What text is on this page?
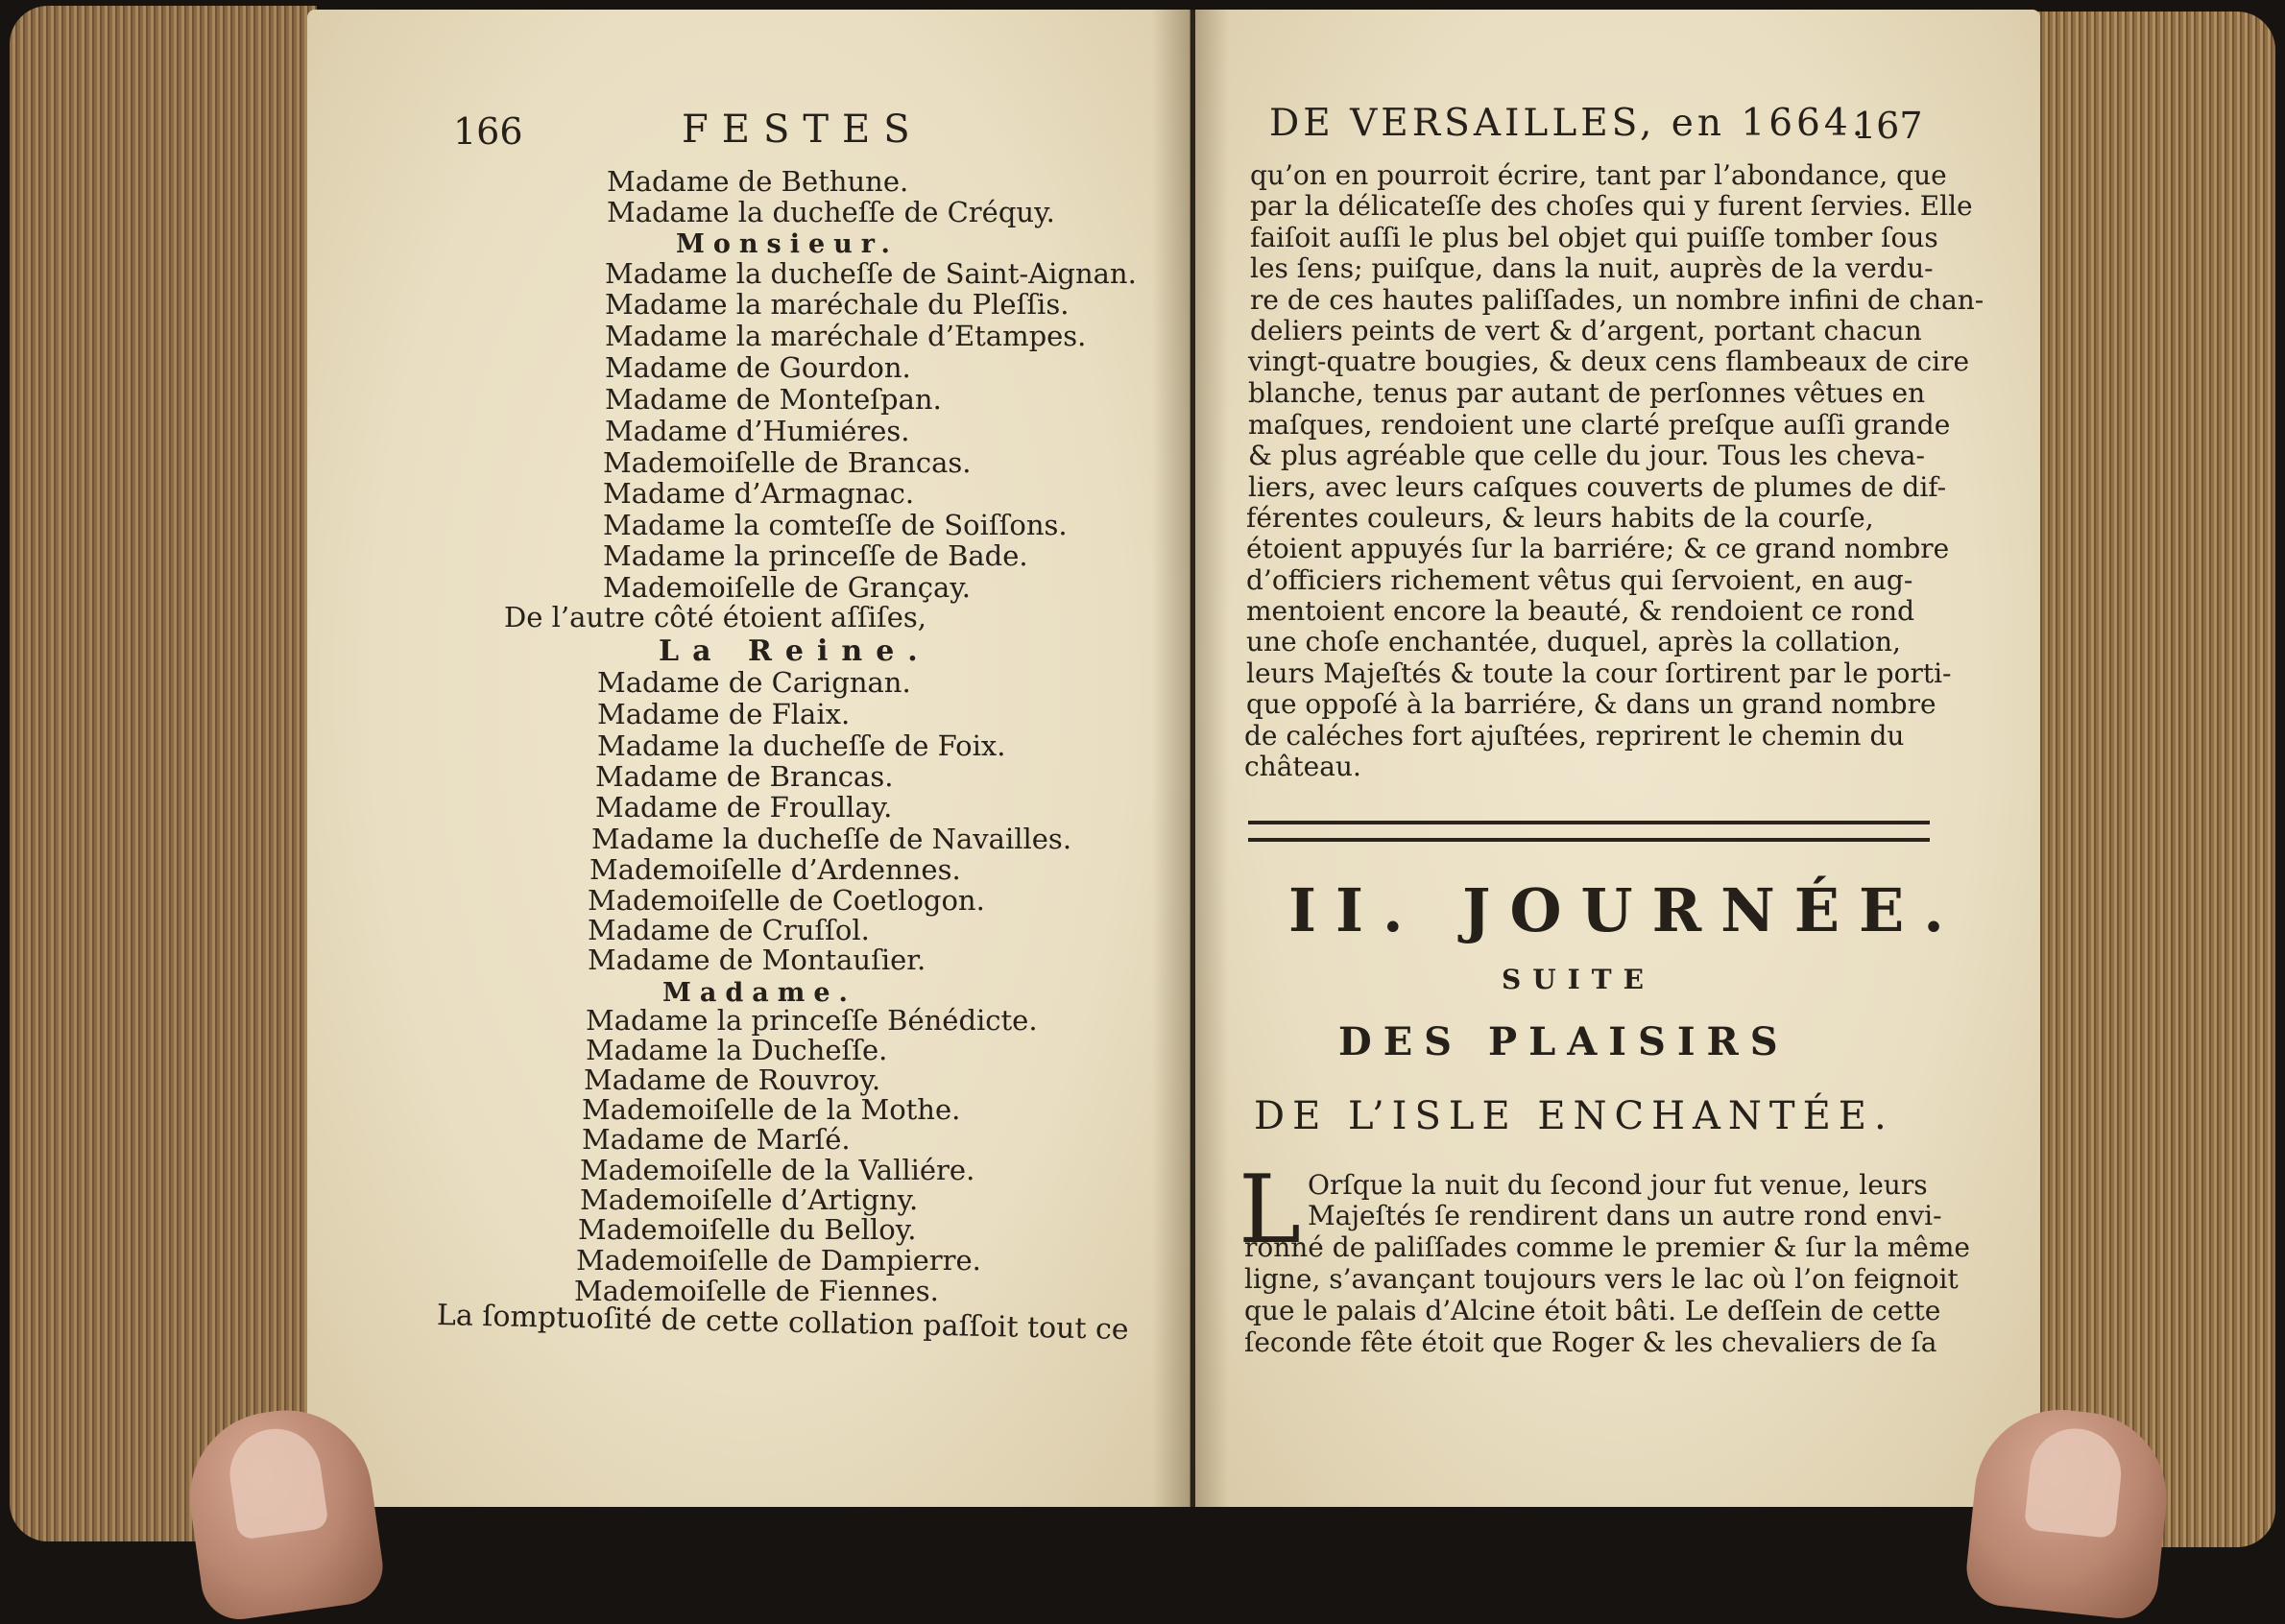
166	FESTES
Madame de Bethune.
Madame la ducheſſe de Créquy.
Monsieur.
Madame la ducheſſe de Saint-Aignan.
Madame la maréchale du Pleſſis.
Madame la maréchale d’Etampes.
Madame de Gourdon.
Madame de Monteſpan.
Madame d’Humiéres.
Mademoiſelle de Brancas.
Madame d’Armagnac.
Madame la comteſſe de Soiſſons.
Madame la princeſſe de Bade.
Mademoiſelle de Grançay.
De l’autre côté étoient aſſiſes,
La Reine.
Madame de Carignan.
Madame de Flaix.
Madame la ducheſſe de Foix.
Madame de Brancas.
Madame de Froullay.
Madame la ducheſſe de Navailles.
Mademoiſelle d’Ardennes.
Mademoiſelle de Coetlogon.
Madame de Cruſſol.
Madame de Montauſier.
Madame.
Madame la princeſſe Bénédicte.
Madame la Ducheſſe.
Madame de Rouvroy.
Mademoiſelle de la Mothe.
Madame de Marſé.
Mademoiſelle de la Valliére.
Mademoiſelle d’Artigny.
Mademoiſelle du Belloy.
Mademoiſelle de Dampierre.
Mademoiſelle de Fiennes.
La ſomptuoſité de cette collation paſſoit tout ce
DE VERSAILLES, en 1664.
167
qu’on en pourroit écrire, tant par l’abondance, que
par la délicateſſe des choſes qui y furent ſervies. Elle
faiſoit auſſi le plus bel objet qui puiſſe tomber ſous
les ſens; puiſque, dans la nuit, auprès de la verdu-
re de ces hautes paliſſades, un nombre infini de chan-
deliers peints de vert & d’argent, portant chacun
vingt-quatre bougies, & deux cens flambeaux de cire
blanche, tenus par autant de perſonnes vêtues en
maſques, rendoient une clarté preſque auſſi grande
& plus agréable que celle du jour. Tous les cheva-
liers, avec leurs caſques couverts de plumes de dif-
férentes couleurs, & leurs habits de la courſe,
étoient appuyés ſur la barriére; & ce grand nombre
d’officiers richement vêtus qui ſervoient, en aug-
mentoient encore la beauté, & rendoient ce rond
une choſe enchantée, duquel, après la collation,
leurs Majeſtés & toute la cour ſortirent par le porti-
que oppoſé à la barriére, & dans un grand nombre
de caléches fort ajuſtées, reprirent le chemin du
château.
II. JOURNÉE.
SUITE
DES PLAISIRS
DE L’ISLE ENCHANTÉE.
L Orſque la nuit du ſecond jour fut venue, leurs
Majeſtés ſe rendirent dans un autre rond envi-
ronné de paliſſades comme le premier & ſur la même
ligne, s’avançant toujours vers le lac où l’on feignoit
que le palais d’Alcine étoit bâti. Le deſſein de cette
ſeconde fête étoit que Roger & les chevaliers de ſa
